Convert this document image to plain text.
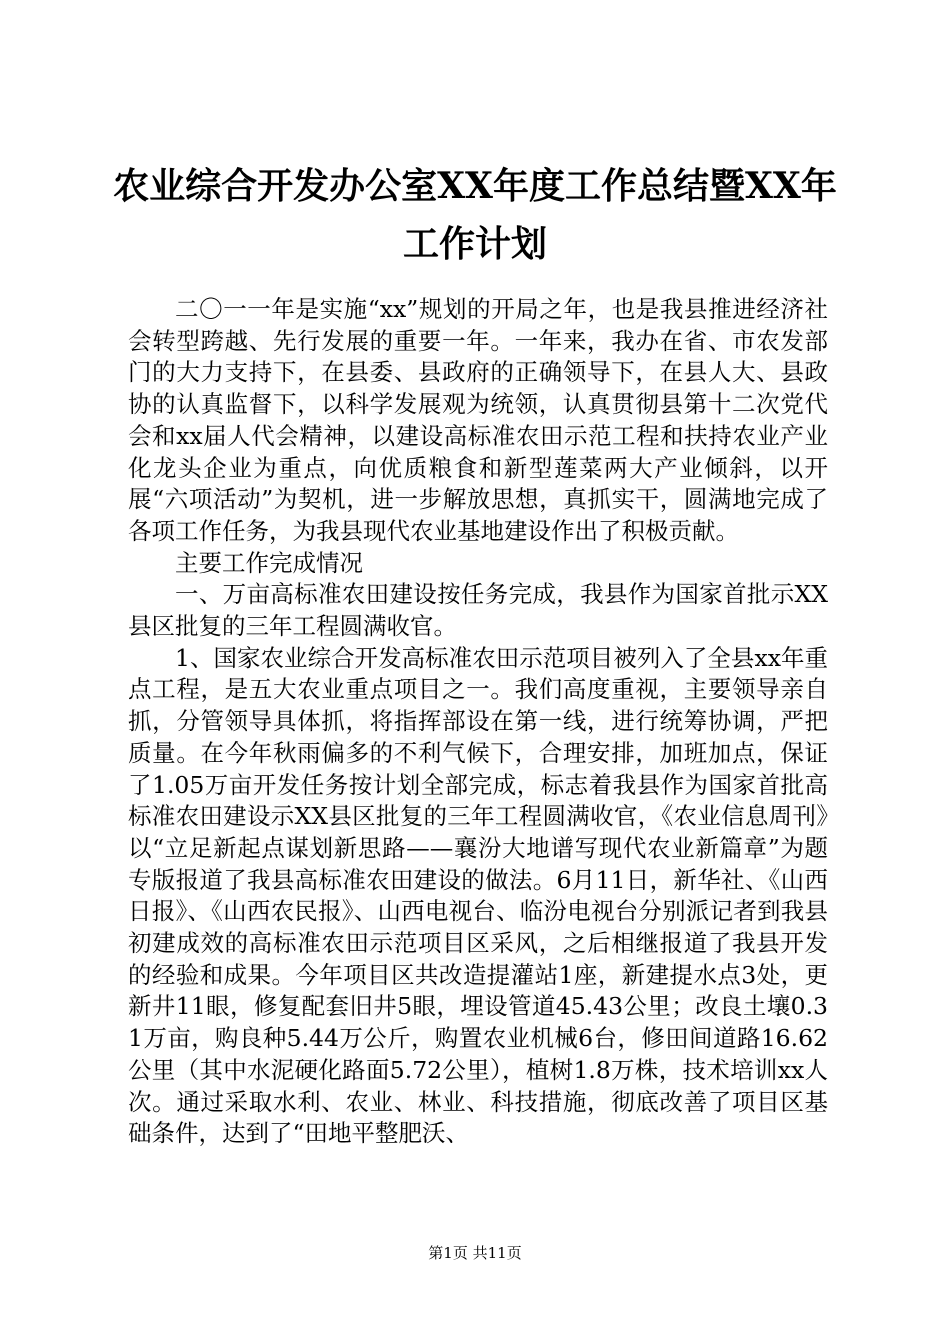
农业综合开发办公室XX年度工作总结暨XX年
工作计划

二〇一一年是实施“xx”规划的开局之年，也是我县推进经济社会转型跨越、先行发展的重要一年。一年来，我办在省、市农发部门的大力支持下，在县委、县政府的正确领导下，在县人大、县政协的认真监督下，以科学发展观为统领，认真贯彻县第十二次党代会和xx届人代会精神，以建设高标准农田示范工程和扶持农业产业化龙头企业为重点，向优质粮食和新型莲菜两大产业倾斜，以开展“六项活动”为契机，进一步解放思想，真抓实干，圆满地完成了各项工作任务，为我县现代农业基地建设作出了积极贡献。

主要工作完成情况

一、万亩高标准农田建设按任务完成，我县作为国家首批示XX县区批复的三年工程圆满收官。

1、国家农业综合开发高标准农田示范项目被列入了全县xx年重点工程，是五大农业重点项目之一。我们高度重视，主要领导亲自抓，分管领导具体抓，将指挥部设在第一线，进行统筹协调，严把质量。在今年秋雨偏多的不利气候下，合理安排，加班加点，保证了1.05万亩开发任务按计划全部完成，标志着我县作为国家首批高标准农田建设示XX县区批复的三年工程圆满收官，《农业信息周刊》以“立足新起点谋划新思路——襄汾大地谱写现代农业新篇章”为题专版报道了我县高标准农田建设的做法。6月11日，新华社、《山西日报》、《山西农民报》、山西电视台、临汾电视台分别派记者到我县初建成效的高标准农田示范项目区采风，之后相继报道了我县开发的经验和成果。今年项目区共改造提灌站1座，新建提水点3处，更新井11眼，修复配套旧井5眼，埋设管道45.43公里；改良土壤0.31万亩，购良种5.44万公斤，购置农业机械6台，修田间道路16.62公里（其中水泥硬化路面5.72公里），植树1.8万株，技术培训xx人次。通过采取水利、农业、林业、科技措施，彻底改善了项目区基础条件，达到了“田地平整肥沃、

第1页 共11页
